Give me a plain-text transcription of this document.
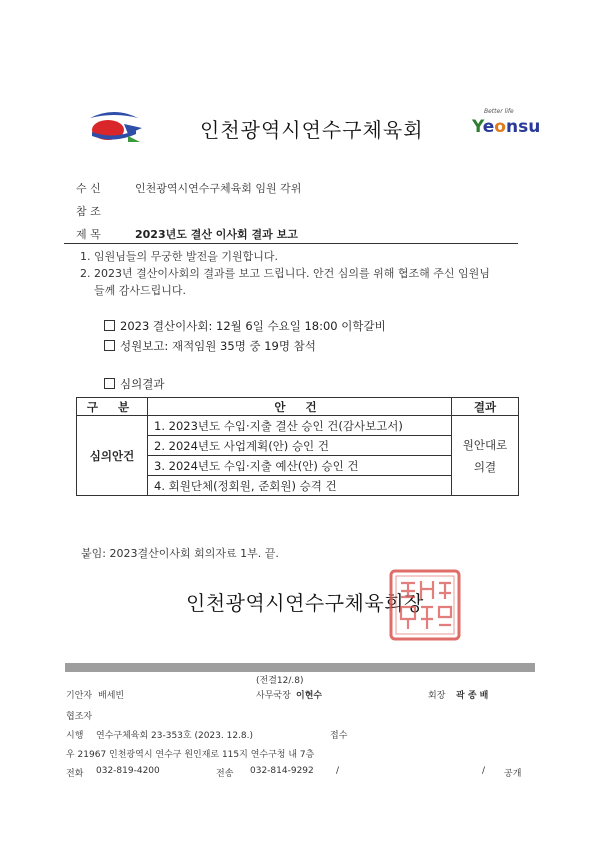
인천광역시연수구체육회
Better life
Yeonsu
수 신	인천광역시연수구체육회 임원 각위
참 조
제 목	2023년도 결산 이사회 결과 보고
1. 임원님들의 무궁한 발전을 기원합니다.
2. 2023년 결산이사회의 결과를 보고 드립니다. 안건 심의를 위해 협조해 주신 임원님
들께 감사드립니다.
2023 결산이사회: 12월 6일 수요일 18:00 이학갈비
성원보고: 재적임원 35명 중 19명 참석
심의결과
구 분	안 건	결과
심의안건	1. 2023년도 수입·지출 결산 승인 건(감사보고서)	원안대로
의결
	2. 2024년도 사업계획(안) 승인 건	
	3. 2024년도 수입·지출 예산(안) 승인 건	
	4. 회원단체(정회원, 준회원) 승격 건	
붙임: 2023결산이사회 회의자료 1부. 끝.
인천광역시연수구체육회장
(전결12/.8)
기안자 배세빈	사무국장 이현수	회장 곽 종 배
협조자
시행 연수구체육회 23-353호 (2023. 12.8.)	접수
우 21967 인천광역시 연수구 원인재로 115지 연수구청 내 7층
전화 032-819-4200	전송 032-814-9292 /	/ 공개
